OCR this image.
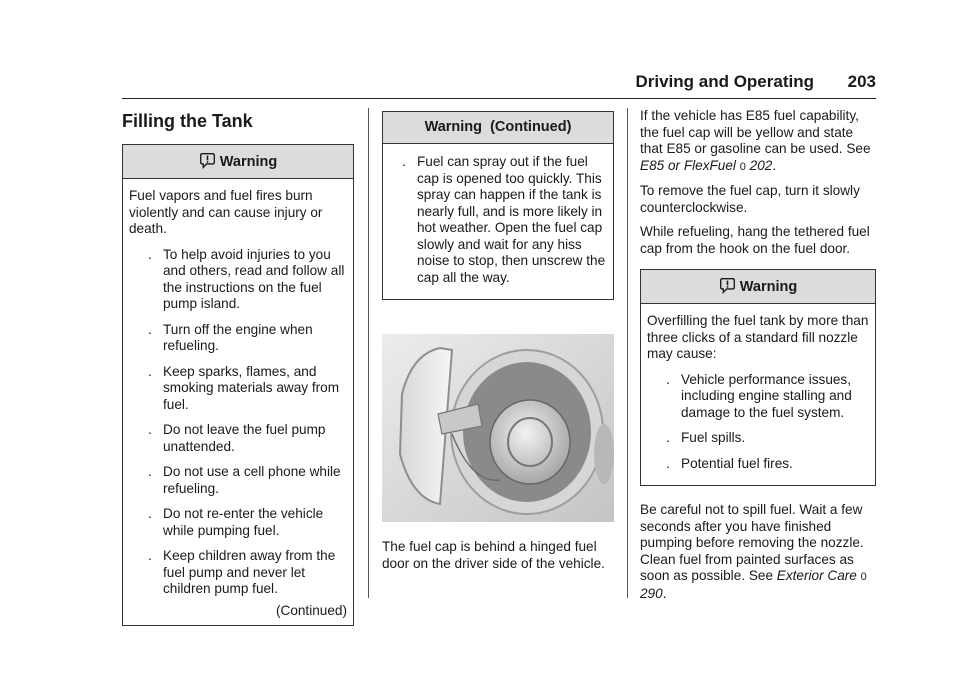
Driving and Operating 203
Filling the Tank
Warning

Fuel vapors and fuel fires burn violently and can cause injury or death.

. To help avoid injuries to you and others, read and follow all the instructions on the fuel pump island.
. Turn off the engine when refueling.
. Keep sparks, flames, and smoking materials away from fuel.
. Do not leave the fuel pump unattended.
. Do not use a cell phone while refueling.
. Do not re-enter the vehicle while pumping fuel.
. Keep children away from the fuel pump and never let children pump fuel.
(Continued)
Warning  (Continued)
. Fuel can spray out if the fuel cap is opened too quickly. This spray can happen if the tank is nearly full, and is more likely in hot weather. Open the fuel cap slowly and wait for any hiss noise to stop, then unscrew the cap all the way.

The fuel cap is behind a hinged fuel door on the driver side of the vehicle.

If the vehicle has E85 fuel capability, the fuel cap will be yellow and state that E85 or gasoline can be used. See E85 or FlexFuel 0 202.

To remove the fuel cap, turn it slowly counterclockwise.

While refueling, hang the tethered fuel cap from the hook on the fuel door.

Warning

Overfilling the fuel tank by more than three clicks of a standard fill nozzle may cause:

. Vehicle performance issues, including engine stalling and damage to the fuel system.
. Fuel spills.
. Potential fuel fires.

Be careful not to spill fuel. Wait a few seconds after you have finished pumping before removing the nozzle. Clean fuel from painted surfaces as soon as possible. See Exterior Care 0 290.
